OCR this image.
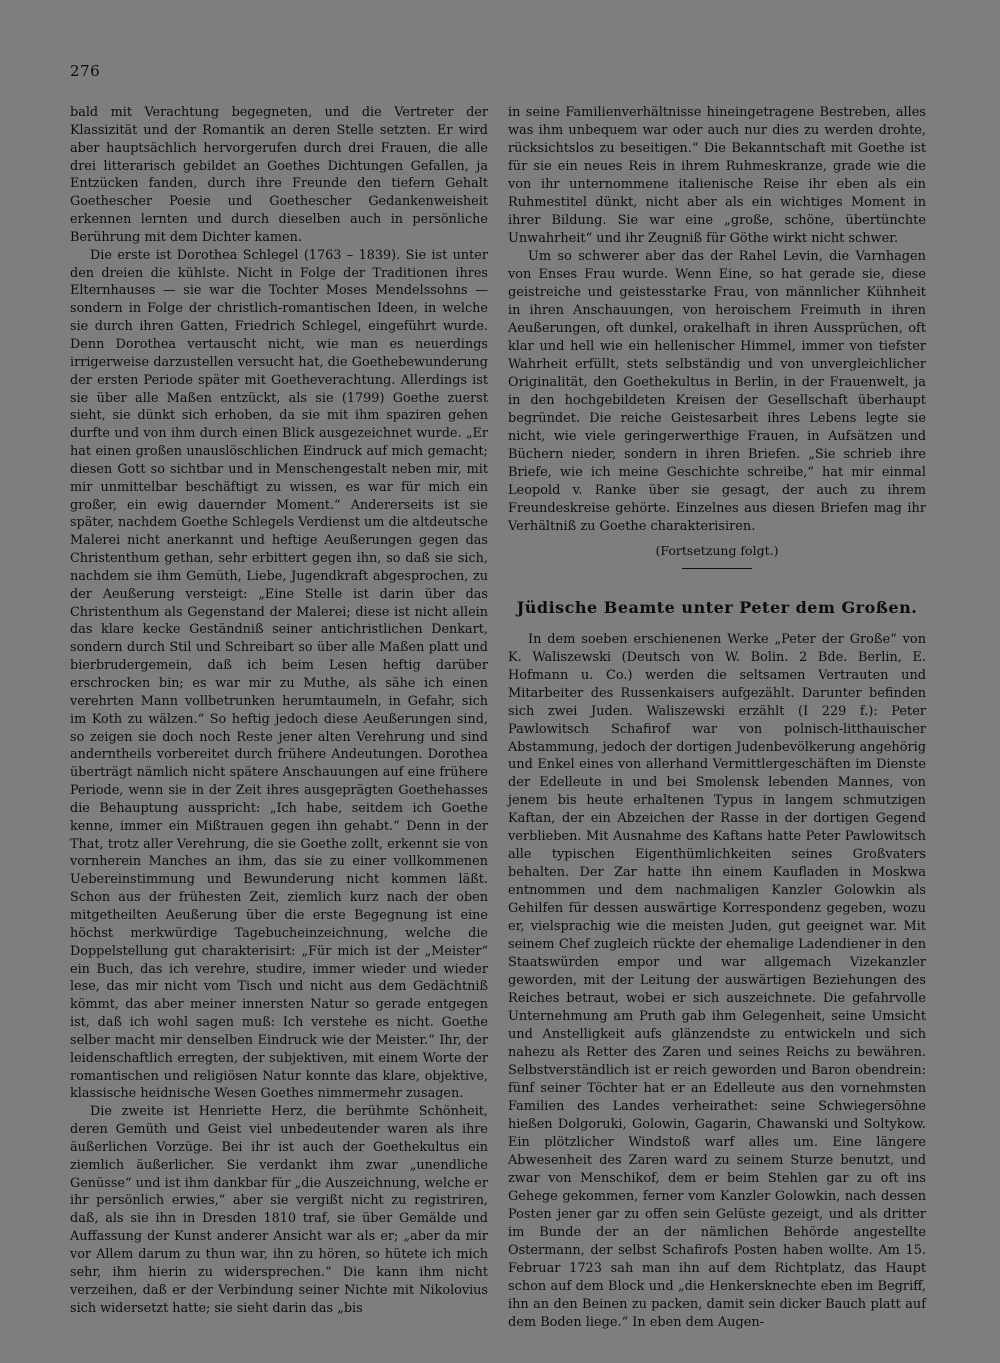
276

bald mit Verachtung begegneten, und die Vertreter der Klassizität und der Romantik an deren Stelle setzten. Er wird aber hauptsächlich hervorgerufen durch drei Frauen, die alle drei litterarisch gebildet an Goethes Dichtungen Gefallen, ja Entzücken fanden, durch ihre Freunde den tiefern Gehalt Goethescher Poesie und Goethescher Gedankenweisheit erkennen lernten und durch dieselben auch in persönliche Berührung mit dem Dichter kamen.

Die erste ist Dorothea Schlegel (1763 – 1839). Sie ist unter den dreien die kühlste. Nicht in Folge der Traditionen ihres Elternhauses — sie war die Tochter Moses Mendelssohns — sondern in Folge der christlich-romantischen Ideen, in welche sie durch ihren Gatten, Friedrich Schlegel, eingeführt wurde. Denn Dorothea vertauscht nicht, wie man es neuerdings irrigerweise darzustellen versucht hat, die Goethebewunderung der ersten Periode später mit Goetheverachtung. Allerdings ist sie über alle Maßen entzückt, als sie (1799) Goethe zuerst sieht, sie dünkt sich erhoben, da sie mit ihm spaziren gehen durfte und von ihm durch einen Blick ausgezeichnet wurde. „Er hat einen großen unauslöschlichen Eindruck auf mich gemacht; diesen Gott so sichtbar und in Menschengestalt neben mir, mit mir unmittelbar beschäftigt zu wissen, es war für mich ein großer, ein ewig dauernder Moment.“ Andererseits ist sie später, nachdem Goethe Schlegels Verdienst um die altdeutsche Malerei nicht anerkannt und heftige Aeußerungen gegen das Christenthum gethan, sehr erbittert gegen ihn, so daß sie sich, nachdem sie ihm Gemüth, Liebe, Jugendkraft abgesprochen, zu der Aeußerung versteigt: „Eine Stelle ist darin über das Christenthum als Gegenstand der Malerei; diese ist nicht allein das klare kecke Geständniß seiner antichristlichen Denkart, sondern durch Stil und Schreibart so über alle Maßen platt und bierbrudergemein, daß ich beim Lesen heftig darüber erschrocken bin; es war mir zu Muthe, als sähe ich einen verehrten Mann vollbetrunken herumtaumeln, in Gefahr, sich im Koth zu wälzen.“ So heftig jedoch diese Aeußerungen sind, so zeigen sie doch noch Reste jener alten Verehrung und sind anderntheils vorbereitet durch frühere Andeutungen. Dorothea überträgt nämlich nicht spätere Anschauungen auf eine frühere Periode, wenn sie in der Zeit ihres ausgeprägten Goethehasses die Behauptung ausspricht: „Ich habe, seitdem ich Goethe kenne, immer ein Mißtrauen gegen ihn gehabt.“ Denn in der That, trotz aller Verehrung, die sie Goethe zollt, erkennt sie von vornherein Manches an ihm, das sie zu einer vollkommenen Uebereinstimmung und Bewunderung nicht kommen läßt. Schon aus der frühesten Zeit, ziemlich kurz nach der oben mitgetheilten Aeußerung über die erste Begegnung ist eine höchst merkwürdige Tagebucheinzeichnung, welche die Doppelstellung gut charakterisirt: „Für mich ist der „Meister“ ein Buch, das ich verehre, studire, immer wieder und wieder lese, das mir nicht vom Tisch und nicht aus dem Gedächtniß kömmt, das aber meiner innersten Natur so gerade entgegen ist, daß ich wohl sagen muß: Ich verstehe es nicht. Goethe selber macht mir denselben Eindruck wie der Meister.“ Ihr, der leidenschaftlich erregten, der subjektiven, mit einem Worte der romantischen und religiösen Natur konnte das klare, objektive, klassische heidnische Wesen Goethes nimmermehr zusagen.

Die zweite ist Henriette Herz, die berühmte Schönheit, deren Gemüth und Geist viel unbedeutender waren als ihre äußerlichen Vorzüge. Bei ihr ist auch der Goethekultus ein ziemlich äußerlicher. Sie verdankt ihm zwar „unendliche Genüsse“ und ist ihm dankbar für „die Auszeichnung, welche er ihr persönlich erwies,“ aber sie vergißt nicht zu registriren, daß, als sie ihn in Dresden 1810 traf, sie über Gemälde und Auffassung der Kunst anderer Ansicht war als er; „aber da mir vor Allem darum zu thun war, ihn zu hören, so hütete ich mich sehr, ihm hierin zu widersprechen.“ Die kann ihm nicht verzeihen, daß er der Verbindung seiner Nichte mit Nikolovius sich widersetzt hatte; sie sieht darin das „bis

in seine Familienverhältnisse hineingetragene Bestreben, alles was ihm unbequem war oder auch nur dies zu werden drohte, rücksichtslos zu beseitigen.“ Die Bekanntschaft mit Goethe ist für sie ein neues Reis in ihrem Ruhmeskranze, grade wie die von ihr unternommene italienische Reise ihr eben als ein Ruhmestitel dünkt, nicht aber als ein wichtiges Moment in ihrer Bildung. Sie war eine „große, schöne, übertünchte Unwahrheit“ und ihr Zeugniß für Göthe wirkt nicht schwer.

Um so schwerer aber das der Rahel Levin, die Varnhagen von Enses Frau wurde. Wenn Eine, so hat gerade sie, diese geistreiche und geistesstarke Frau, von männlicher Kühnheit in ihren Anschauungen, von heroischem Freimuth in ihren Aeußerungen, oft dunkel, orakelhaft in ihren Aussprüchen, oft klar und hell wie ein hellenischer Himmel, immer von tiefster Wahrheit erfüllt, stets selbständig und von unvergleichlicher Originalität, den Goethekultus in Berlin, in der Frauenwelt, ja in den hochgebildeten Kreisen der Gesellschaft überhaupt begründet. Die reiche Geistesarbeit ihres Lebens legte sie nicht, wie viele geringerwerthige Frauen, in Aufsätzen und Büchern nieder, sondern in ihren Briefen. „Sie schrieb ihre Briefe, wie ich meine Geschichte schreibe,“ hat mir einmal Leopold v. Ranke über sie gesagt, der auch zu ihrem Freundeskreise gehörte. Einzelnes aus diesen Briefen mag ihr Verhältniß zu Goethe charakterisiren.

(Fortsetzung folgt.)

Jüdische Beamte unter Peter dem Großen.

In dem soeben erschienenen Werke „Peter der Große“ von K. Waliszewski (Deutsch von W. Bolin. 2 Bde. Berlin, E. Hofmann u. Co.) werden die seltsamen Vertrauten und Mitarbeiter des Russenkaisers aufgezählt. Darunter befinden sich zwei Juden. Waliszewski erzählt (I 229 f.): Peter Pawlowitsch Schafirof war von polnisch-litthauischer Abstammung, jedoch der dortigen Judenbevölkerung angehörig und Enkel eines von allerhand Vermittlergeschäften im Dienste der Edelleute in und bei Smolensk lebenden Mannes, von jenem bis heute erhaltenen Typus in langem schmutzigen Kaftan, der ein Abzeichen der Rasse in der dortigen Gegend verblieben. Mit Ausnahme des Kaftans hatte Peter Pawlowitsch alle typischen Eigenthümlichkeiten seines Großvaters behalten. Der Zar hatte ihn einem Kaufladen in Moskwa entnommen und dem nachmaligen Kanzler Golowkin als Gehilfen für dessen auswärtige Korrespondenz gegeben, wozu er, vielsprachig wie die meisten Juden, gut geeignet war. Mit seinem Chef zugleich rückte der ehemalige Ladendiener in den Staatswürden empor und war allgemach Vizekanzler geworden, mit der Leitung der auswärtigen Beziehungen des Reiches betraut, wobei er sich auszeichnete. Die gefahrvolle Unternehmung am Pruth gab ihm Gelegenheit, seine Umsicht und Anstelligkeit aufs glänzendste zu entwickeln und sich nahezu als Retter des Zaren und seines Reichs zu bewähren. Selbstverständlich ist er reich geworden und Baron obendrein: fünf seiner Töchter hat er an Edelleute aus den vornehmsten Familien des Landes verheirathet: seine Schwiegersöhne hießen Dolgoruki, Golowin, Gagarin, Chawanski und Soltykow. Ein plötzlicher Windstoß warf alles um. Eine längere Abwesenheit des Zaren ward zu seinem Sturze benutzt, und zwar von Menschikof, dem er beim Stehlen gar zu oft ins Gehege gekommen, ferner vom Kanzler Golowkin, nach dessen Posten jener gar zu offen sein Gelüste gezeigt, und als dritter im Bunde der an der nämlichen Behörde angestellte Ostermann, der selbst Schafirofs Posten haben wollte. Am 15. Februar 1723 sah man ihn auf dem Richtplatz, das Haupt schon auf dem Block und „die Henkersknechte eben im Begriff, ihn an den Beinen zu packen, damit sein dicker Bauch platt auf dem Boden liege.“ In eben dem Augen-
